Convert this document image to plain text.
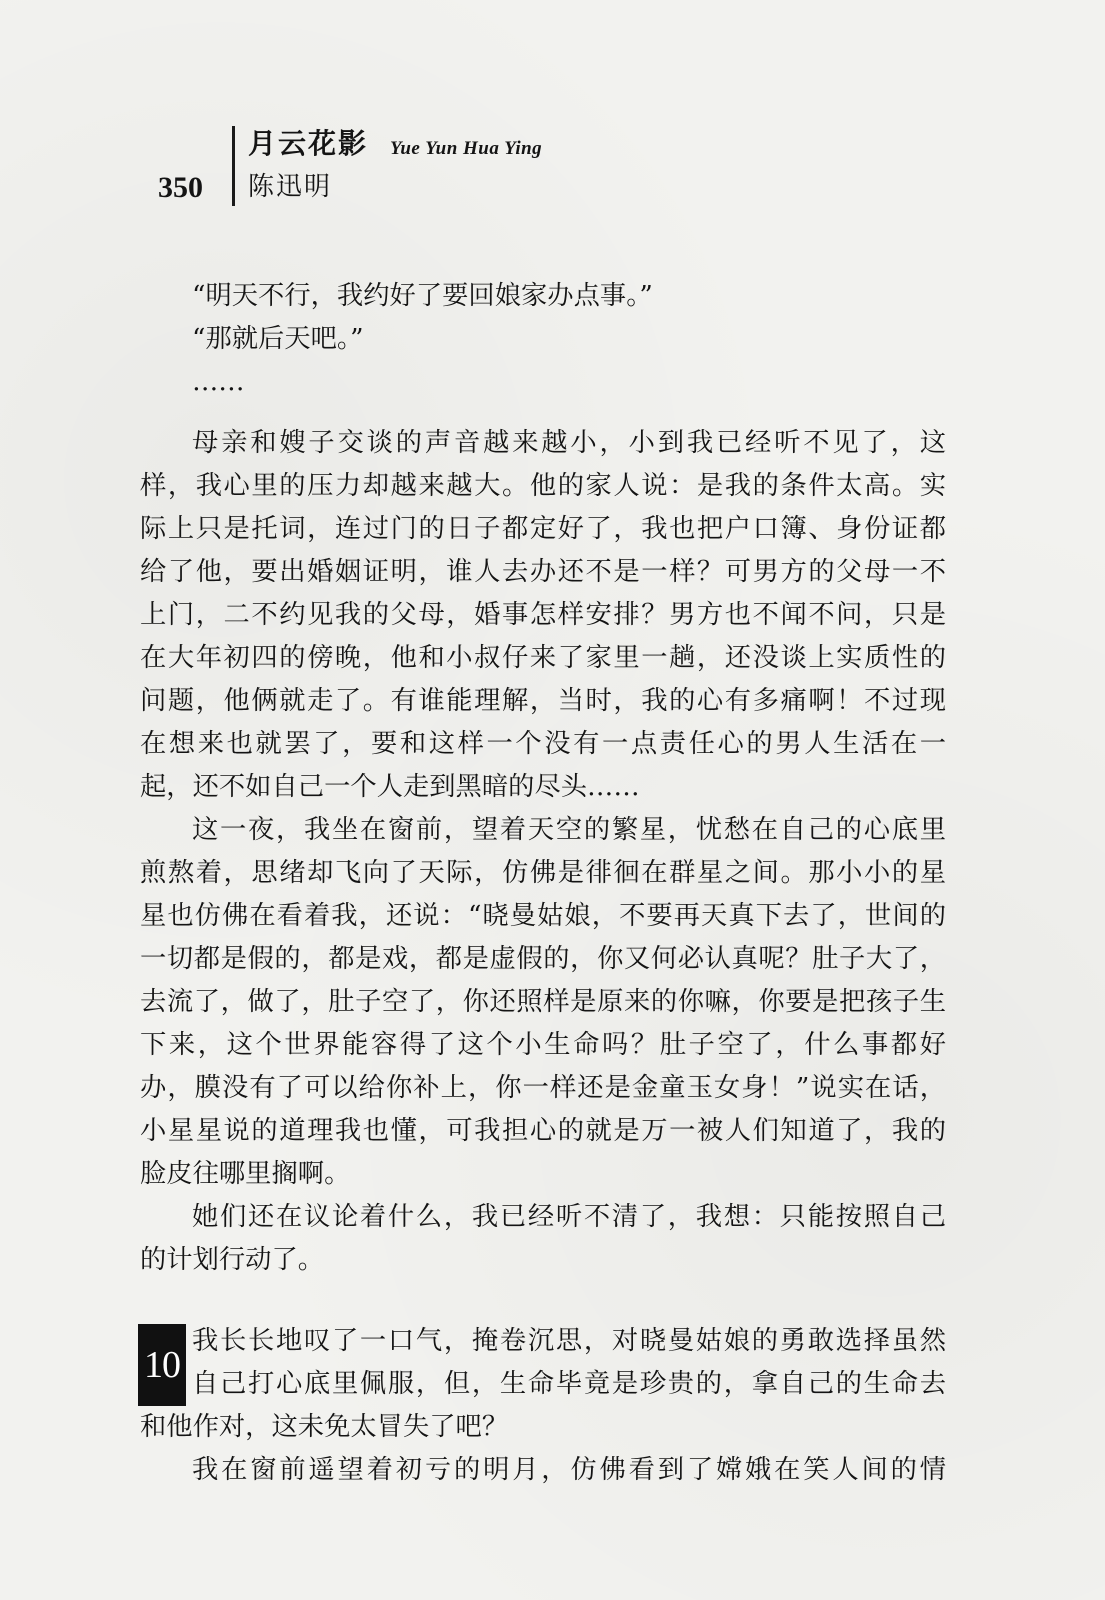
350
月云花影 Yue Yun Hua Ying
陈迅明
“明天不行，我约好了要回娘家办点事。”
“那就后天吧。”
……
母亲和嫂子交谈的声音越来越小，小到我已经听不见了，这
样，我心里的压力却越来越大。他的家人说：是我的条件太高。实
际上只是托词，连过门的日子都定好了，我也把户口簿、身份证都
给了他，要出婚姻证明，谁人去办还不是一样？可男方的父母一不
上门，二不约见我的父母，婚事怎样安排？男方也不闻不问，只是
在大年初四的傍晚，他和小叔仔来了家里一趟，还没谈上实质性的
问题，他俩就走了。有谁能理解，当时，我的心有多痛啊！不过现
在想来也就罢了，要和这样一个没有一点责任心的男人生活在一
起，还不如自己一个人走到黑暗的尽头……
这一夜，我坐在窗前，望着天空的繁星，忧愁在自己的心底里
煎熬着，思绪却飞向了天际，仿佛是徘徊在群星之间。那小小的星
星也仿佛在看着我，还说：“晓曼姑娘，不要再天真下去了，世间的
一切都是假的，都是戏，都是虚假的，你又何必认真呢？肚子大了，
去流了，做了，肚子空了，你还照样是原来的你嘛，你要是把孩子生
下来，这个世界能容得了这个小生命吗？肚子空了，什么事都好
办，膜没有了可以给你补上，你一样还是金童玉女身！”说实在话，
小星星说的道理我也懂，可我担心的就是万一被人们知道了，我的
脸皮往哪里搁啊。
她们还在议论着什么，我已经听不清了，我想：只能按照自己
的计划行动了。
10
我长长地叹了一口气，掩卷沉思，对晓曼姑娘的勇敢选择虽然
自己打心底里佩服，但，生命毕竟是珍贵的，拿自己的生命去
和他作对，这未免太冒失了吧？
我在窗前遥望着初亏的明月，仿佛看到了嫦娥在笑人间的情
